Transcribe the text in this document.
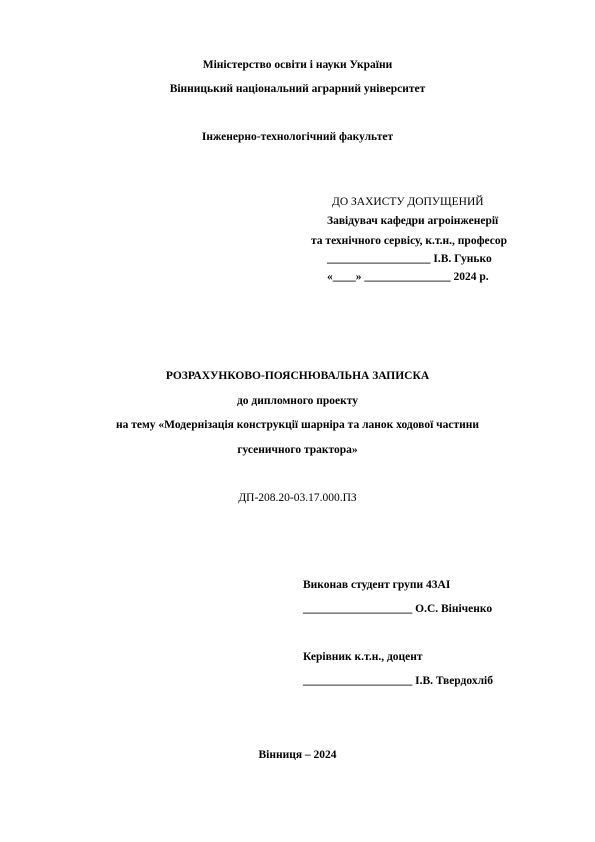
Міністерство освіти і науки України
Вінницький національний аграрний університет
Інженерно-технологічний факультет
ДО ЗАХИСТУ ДОПУЩЕНИЙ
Завідувач кафедри агроінженерії
та технічного сервісу, к.т.н., професор
__________________ І.В. Гунько
«____» _______________ 2024 р.
РОЗРАХУНКОВО-ПОЯСНЮВАЛЬНА ЗАПИСКА
до дипломного проекту
на тему «Модернізація конструкції шарніра та ланок ходової частини
гусеничного трактора»
ДП-208.20-03.17.000.ПЗ
Виконав студент групи 43АІ
___________________ О.С. Вініченко
Керівник к.т.н., доцент
___________________ І.В. Твердохліб
Вінниця – 2024
